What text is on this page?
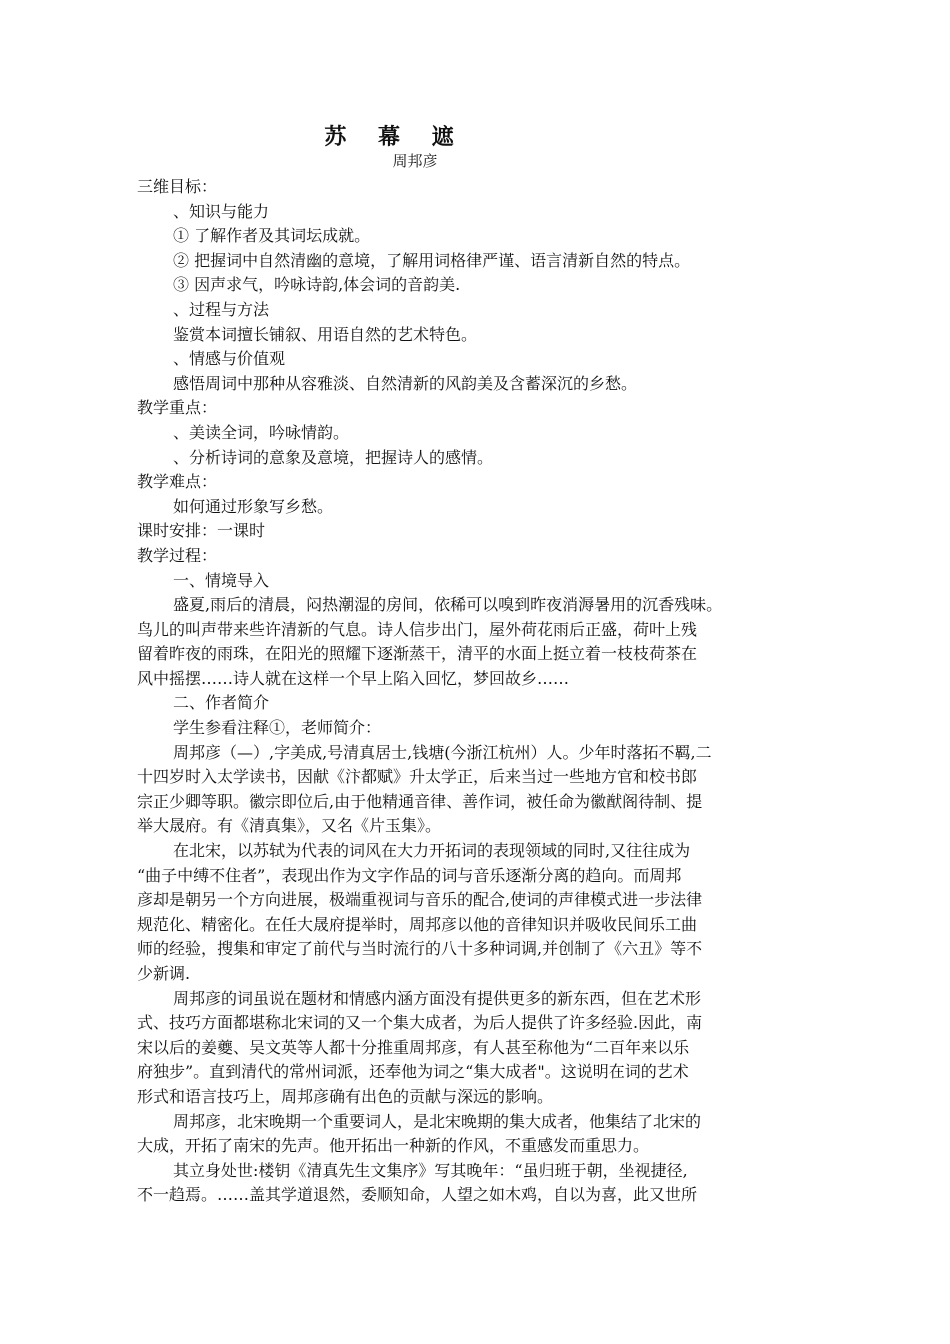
苏 幕 遮
周邦彦
三维目标：
、知识与能力
① 了解作者及其词坛成就。
② 把握词中自然清幽的意境，了解用词格律严谨、语言清新自然的特点。
③ 因声求气，吟咏诗韵,体会词的音韵美.
、过程与方法
鉴赏本词擅长铺叙、用语自然的艺术特色。
、情感与价值观
感悟周词中那种从容雅淡、自然清新的风韵美及含蓄深沉的乡愁。
教学重点：
、美读全词，吟咏情韵。
、分析诗词的意象及意境，把握诗人的感情。
教学难点：
如何通过形象写乡愁。
课时安排：一课时
教学过程：
一、情境导入
盛夏,雨后的清晨，闷热潮湿的房间，依稀可以嗅到昨夜消溽暑用的沉香残味。
鸟儿的叫声带来些许清新的气息。诗人信步出门，屋外荷花雨后正盛，荷叶上残
留着昨夜的雨珠，在阳光的照耀下逐渐蒸干，清平的水面上挺立着一枝枝荷茶在
风中摇摆……诗人就在这样一个早上陷入回忆，梦回故乡……
二、作者简介
学生参看注释①，老师简介：
周邦彦（—）,字美成,号清真居士,钱塘(今浙江杭州）人。少年时落拓不羁,二
十四岁时入太学读书，因献《汴都赋》升太学正，后来当过一些地方官和校书郎
宗正少卿等职。徽宗即位后,由于他精通音律、善作词，被任命为徽猷阁待制、提
举大晟府。有《清真集》，又名《片玉集》。
在北宋，以苏轼为代表的词风在大力开拓词的表现领域的同时,又往往成为
“曲子中缚不住者”，表现出作为文字作品的词与音乐逐渐分离的趋向。而周邦
彦却是朝另一个方向进展，极端重视词与音乐的配合,使词的声律模式进一步法律
规范化、精密化。在任大晟府提举时，周邦彦以他的音律知识并吸收民间乐工曲
师的经验，搜集和审定了前代与当时流行的八十多种词调,并创制了《六丑》等不
少新调.
周邦彦的词虽说在题材和情感内涵方面没有提供更多的新东西，但在艺术形
式、技巧方面都堪称北宋词的又一个集大成者，为后人提供了许多经验.因此，南
宋以后的姜夔、吴文英等人都十分推重周邦彦，有人甚至称他为“二百年来以乐
府独步”。直到清代的常州词派，还奉他为词之“集大成者"。这说明在词的艺术
形式和语言技巧上，周邦彦确有出色的贡献与深远的影响。
周邦彦，北宋晚期一个重要词人，是北宋晚期的集大成者，他集结了北宋的
大成，开拓了南宋的先声。他开拓出一种新的作风，不重感发而重思力。
其立身处世:楼钥《清真先生文集序》写其晚年：“虽归班于朝，坐视捷径,
不一趋焉。……盖其学道退然，委顺知命，人望之如木鸡，自以为喜，此又世所
